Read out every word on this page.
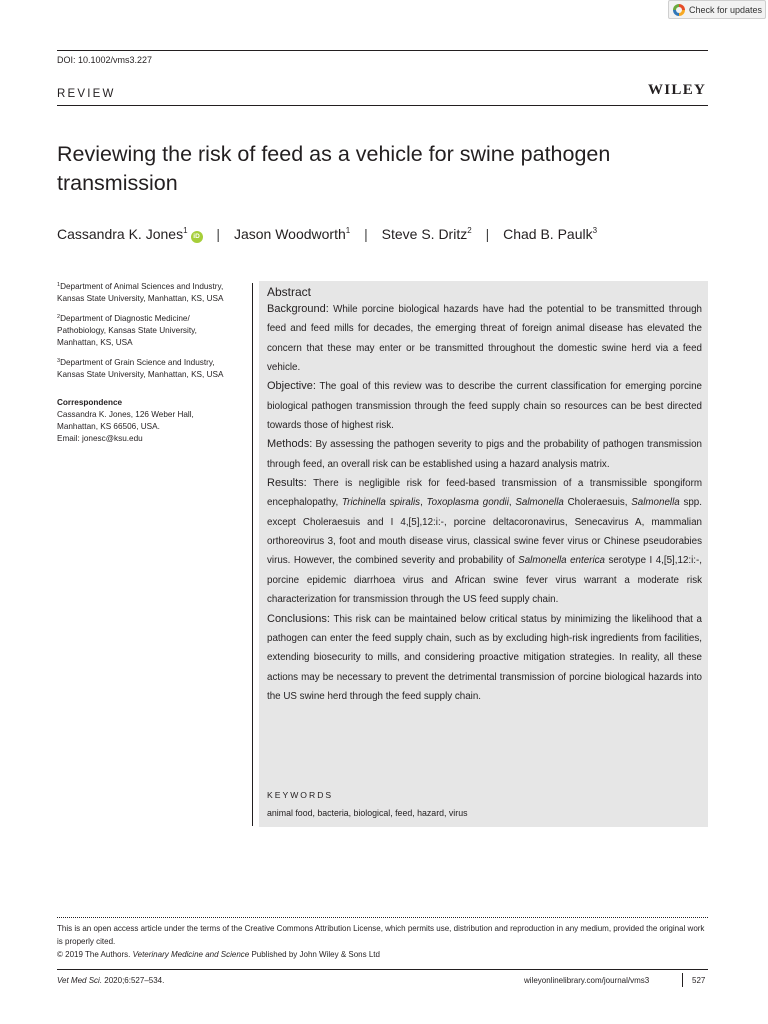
Check for updates
DOI: 10.1002/vms3.227
REVIEW	WILEY
Reviewing the risk of feed as a vehicle for swine pathogen transmission
Cassandra K. Jones$^1$iD | Jason Woodworth$^1$ | Steve S. Dritz$^2$ | Chad B. Paulk$^3$

$^1$Department of Animal Sciences and Industry, Kansas State University, Manhattan, KS, USA

$^2$Department of Diagnostic Medicine/ Pathobiology, Kansas State University, Manhattan, KS, USA

$^3$Department of Grain Science and Industry, Kansas State University, Manhattan, KS, USA

Correspondence
Cassandra K. Jones, 126 Weber Hall,
Manhattan, KS 66506, USA.
Email: jonesc@ksu.edu

Abstract

Background: While porcine biological hazards have had the potential to be transmitted through feed and feed mills for decades, the emerging threat of foreign animal disease has elevated the concern that these may enter or be transmitted throughout the domestic swine herd via a feed vehicle.

Objective: The goal of this review was to describe the current classification for emerging porcine biological pathogen transmission through the feed supply chain so resources can be best directed towards those of highest risk.

Methods: By assessing the pathogen severity to pigs and the probability of pathogen transmission through feed, an overall risk can be established using a hazard analysis matrix.

Results: There is negligible risk for feed-based transmission of a transmissible spongiform encephalopathy, Trichinella spiralis, Toxoplasma gondii, Salmonella Choleraesuis, Salmonella spp. except Choleraesuis and I 4,[5],12:i:-, porcine deltacoronavirus, Senecavirus A, mammalian orthoreovirus 3, foot and mouth disease virus, classical swine fever virus or Chinese pseudorabies virus. However, the combined severity and probability of Salmonella enterica serotype I 4,[5],12:i:-, porcine epidemic diarrhoea virus and African swine fever virus warrant a moderate risk characterization for transmission through the US feed supply chain.

Conclusions: This risk can be maintained below critical status by minimizing the likelihood that a pathogen can enter the feed supply chain, such as by excluding high-risk ingredients from facilities, extending biosecurity to mills, and considering proactive mitigation strategies. In reality, all these actions may be necessary to prevent the detrimental transmission of porcine biological hazards into the US swine herd through the feed supply chain.

KEYWORDS
animal food, bacteria, biological, feed, hazard, virus
This is an open access article under the terms of the Creative Commons Attribution License, which permits use, distribution and reproduction in any medium, provided the original work is properly cited.
© 2019 The Authors. Veterinary Medicine and Science Published by John Wiley & Sons Ltd
Vet Med Sci. 2020;6:527–534.	wileyonlinelibrary.com/journal/vms3	527
